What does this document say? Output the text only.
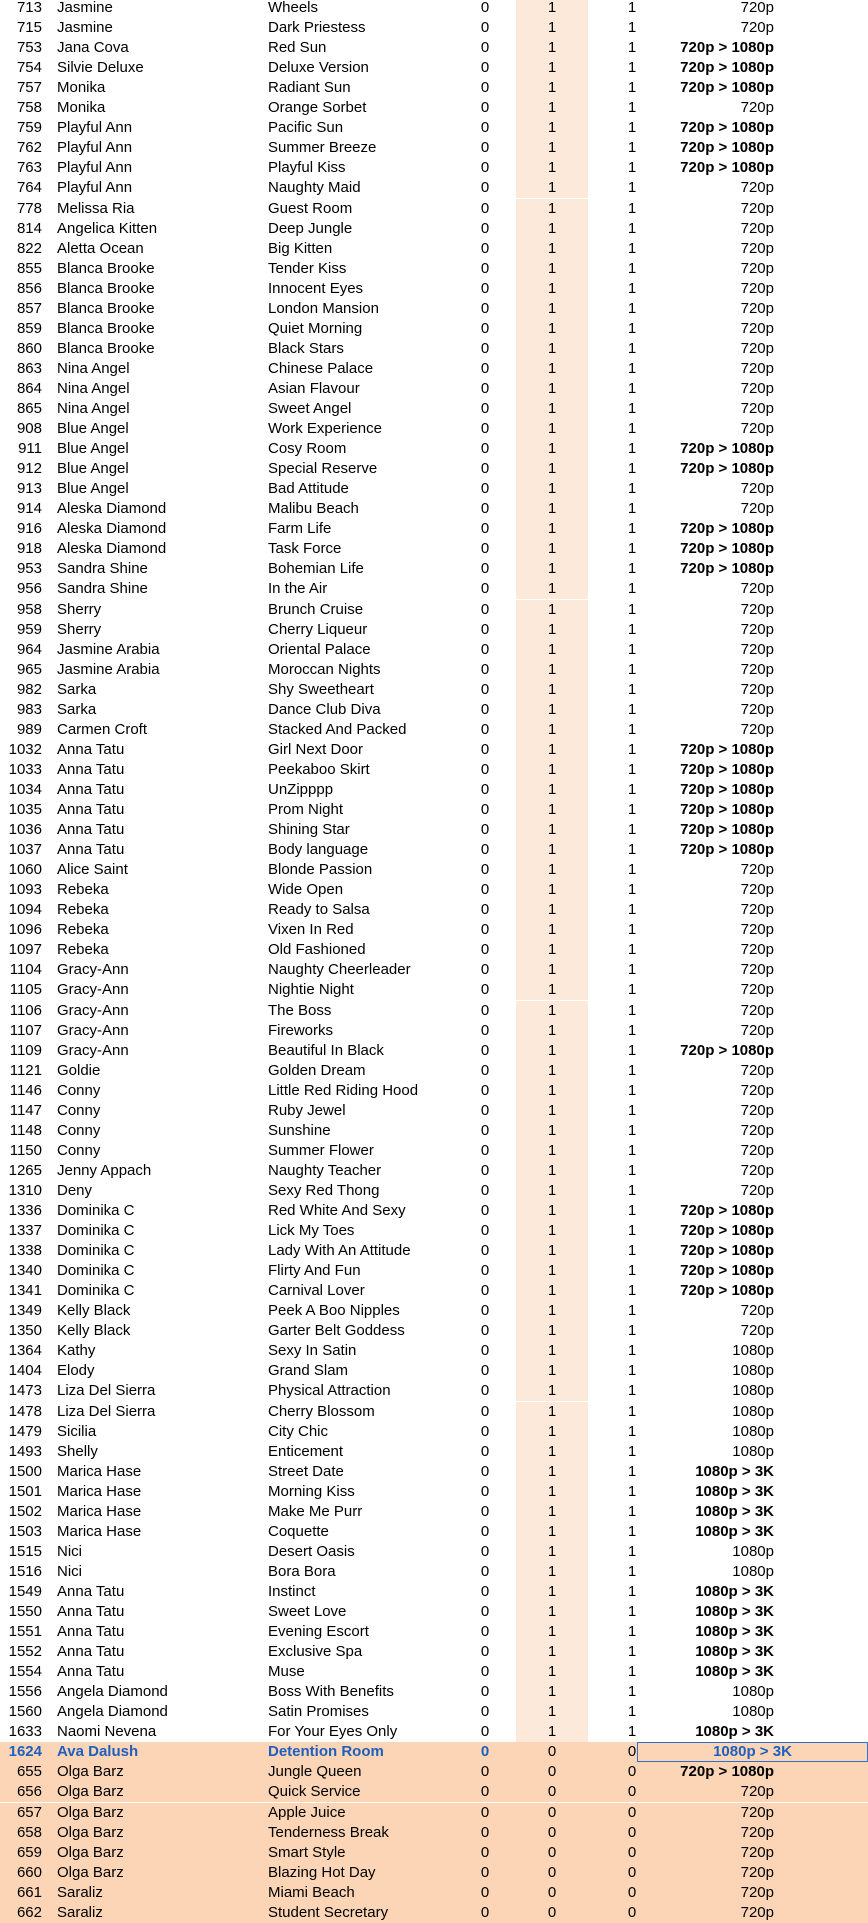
713 Jasmine	Wheels	0	1	1	720p
715 Jasmine	Dark Priestess	0	1	1	720p
753 Jana Cova	Red Sun	0	1	1	720p > 1080p
754 Silvie Deluxe	Deluxe Version	0	1	1	720p > 1080p
757 Monika	Radiant Sun	0	1	1	720p > 1080p
758 Monika	Orange Sorbet	0	1	1	720p
759 Playful Ann	Pacific Sun	0	1	1	720p > 1080p
762 Playful Ann	Summer Breeze	0	1	1	720p > 1080p
763 Playful Ann	Playful Kiss	0	1	1	720p > 1080p
764 Playful Ann	Naughty Maid	0	1	1	720p
778 Melissa Ria	Guest Room	0	1	1	720p
814 Angelica Kitten	Deep Jungle	0	1	1	720p
822 Aletta Ocean	Big Kitten	0	1	1	720p
855 Blanca Brooke	Tender Kiss	0	1	1	720p
856 Blanca Brooke	Innocent Eyes	0	1	1	720p
857 Blanca Brooke	London Mansion	0	1	1	720p
859 Blanca Brooke	Quiet Morning	0	1	1	720p
860 Blanca Brooke	Black Stars	0	1	1	720p
863 Nina Angel	Chinese Palace	0	1	1	720p
864 Nina Angel	Asian Flavour	0	1	1	720p
865 Nina Angel	Sweet Angel	0	1	1	720p
908 Blue Angel	Work Experience	0	1	1	720p
911 Blue Angel	Cosy Room	0	1	1	720p > 1080p
912 Blue Angel	Special Reserve	0	1	1	720p > 1080p
913 Blue Angel	Bad Attitude	0	1	1	720p
914 Aleska Diamond	Malibu Beach	0	1	1	720p
916 Aleska Diamond	Farm Life	0	1	1	720p > 1080p
918 Aleska Diamond	Task Force	0	1	1	720p > 1080p
953 Sandra Shine	Bohemian Life	0	1	1	720p > 1080p
956 Sandra Shine	In the Air	0	1	1	720p
958 Sherry	Brunch Cruise	0	1	1	720p
959 Sherry	Cherry Liqueur	0	1	1	720p
964 Jasmine Arabia	Oriental Palace	0	1	1	720p
965 Jasmine Arabia	Moroccan Nights	0	1	1	720p
982 Sarka	Shy Sweetheart	0	1	1	720p
983 Sarka	Dance Club Diva	0	1	1	720p
989 Carmen Croft	Stacked And Packed	0	1	1	720p
1032 Anna Tatu	Girl Next Door	0	1	1	720p > 1080p
1033 Anna Tatu	Peekaboo Skirt	0	1	1	720p > 1080p
1034 Anna Tatu	UnZipppp	0	1	1	720p > 1080p
1035 Anna Tatu	Prom Night	0	1	1	720p > 1080p
1036 Anna Tatu	Shining Star	0	1	1	720p > 1080p
1037 Anna Tatu	Body language	0	1	1	720p > 1080p
1060 Alice Saint	Blonde Passion	0	1	1	720p
1093 Rebeka	Wide Open	0	1	1	720p
1094 Rebeka	Ready to Salsa	0	1	1	720p
1096 Rebeka	Vixen In Red	0	1	1	720p
1097 Rebeka	Old Fashioned	0	1	1	720p
1104 Gracy-Ann	Naughty Cheerleader	0	1	1	720p
1105 Gracy-Ann	Nightie Night	0	1	1	720p
1106 Gracy-Ann	The Boss	0	1	1	720p
1107 Gracy-Ann	Fireworks	0	1	1	720p
1109 Gracy-Ann	Beautiful In Black	0	1	1	720p > 1080p
1121 Goldie	Golden Dream	0	1	1	720p
1146 Conny	Little Red Riding Hood	0	1	1	720p
1147 Conny	Ruby Jewel	0	1	1	720p
1148 Conny	Sunshine	0	1	1	720p
1150 Conny	Summer Flower	0	1	1	720p
1265 Jenny Appach	Naughty Teacher	0	1	1	720p
1310 Deny	Sexy Red Thong	0	1	1	720p
1336 Dominika C	Red White And Sexy	0	1	1	720p > 1080p
1337 Dominika C	Lick My Toes	0	1	1	720p > 1080p
1338 Dominika C	Lady With An Attitude	0	1	1	720p > 1080p
1340 Dominika C	Flirty And Fun	0	1	1	720p > 1080p
1341 Dominika C	Carnival Lover	0	1	1	720p > 1080p
1349 Kelly Black	Peek A Boo Nipples	0	1	1	720p
1350 Kelly Black	Garter Belt Goddess	0	1	1	720p
1364 Kathy	Sexy In Satin	0	1	1	1080p
1404 Elody	Grand Slam	0	1	1	1080p
1473 Liza Del Sierra	Physical Attraction	0	1	1	1080p
1478 Liza Del Sierra	Cherry Blossom	0	1	1	1080p
1479 Sicilia	City Chic	0	1	1	1080p
1493 Shelly	Enticement	0	1	1	1080p
1500 Marica Hase	Street Date	0	1	1	1080p > 3K
1501 Marica Hase	Morning Kiss	0	1	1	1080p > 3K
1502 Marica Hase	Make Me Purr	0	1	1	1080p > 3K
1503 Marica Hase	Coquette	0	1	1	1080p > 3K
1515 Nici	Desert Oasis	0	1	1	1080p
1516 Nici	Bora Bora	0	1	1	1080p
1549 Anna Tatu	Instinct	0	1	1	1080p > 3K
1550 Anna Tatu	Sweet Love	0	1	1	1080p > 3K
1551 Anna Tatu	Evening Escort	0	1	1	1080p > 3K
1552 Anna Tatu	Exclusive Spa	0	1	1	1080p > 3K
1554 Anna Tatu	Muse	0	1	1	1080p > 3K
1556 Angela Diamond	Boss With Benefits	0	1	1	1080p
1560 Angela Diamond	Satin Promises	0	1	1	1080p
1633 Naomi Nevena	For Your Eyes Only	0	1	1	1080p > 3K
1624 Ava Dalush	Detention Room	0	0	0	1080p > 3K
655 Olga Barz	Jungle Queen	0	0	0	720p > 1080p
656 Olga Barz	Quick Service	0	0	0	720p
657 Olga Barz	Apple Juice	0	0	0	720p
658 Olga Barz	Tenderness Break	0	0	0	720p
659 Olga Barz	Smart Style	0	0	0	720p
660 Olga Barz	Blazing Hot Day	0	0	0	720p
661 Saraliz	Miami Beach	0	0	0	720p
662 Saraliz	Student Secretary	0	0	0	720p
